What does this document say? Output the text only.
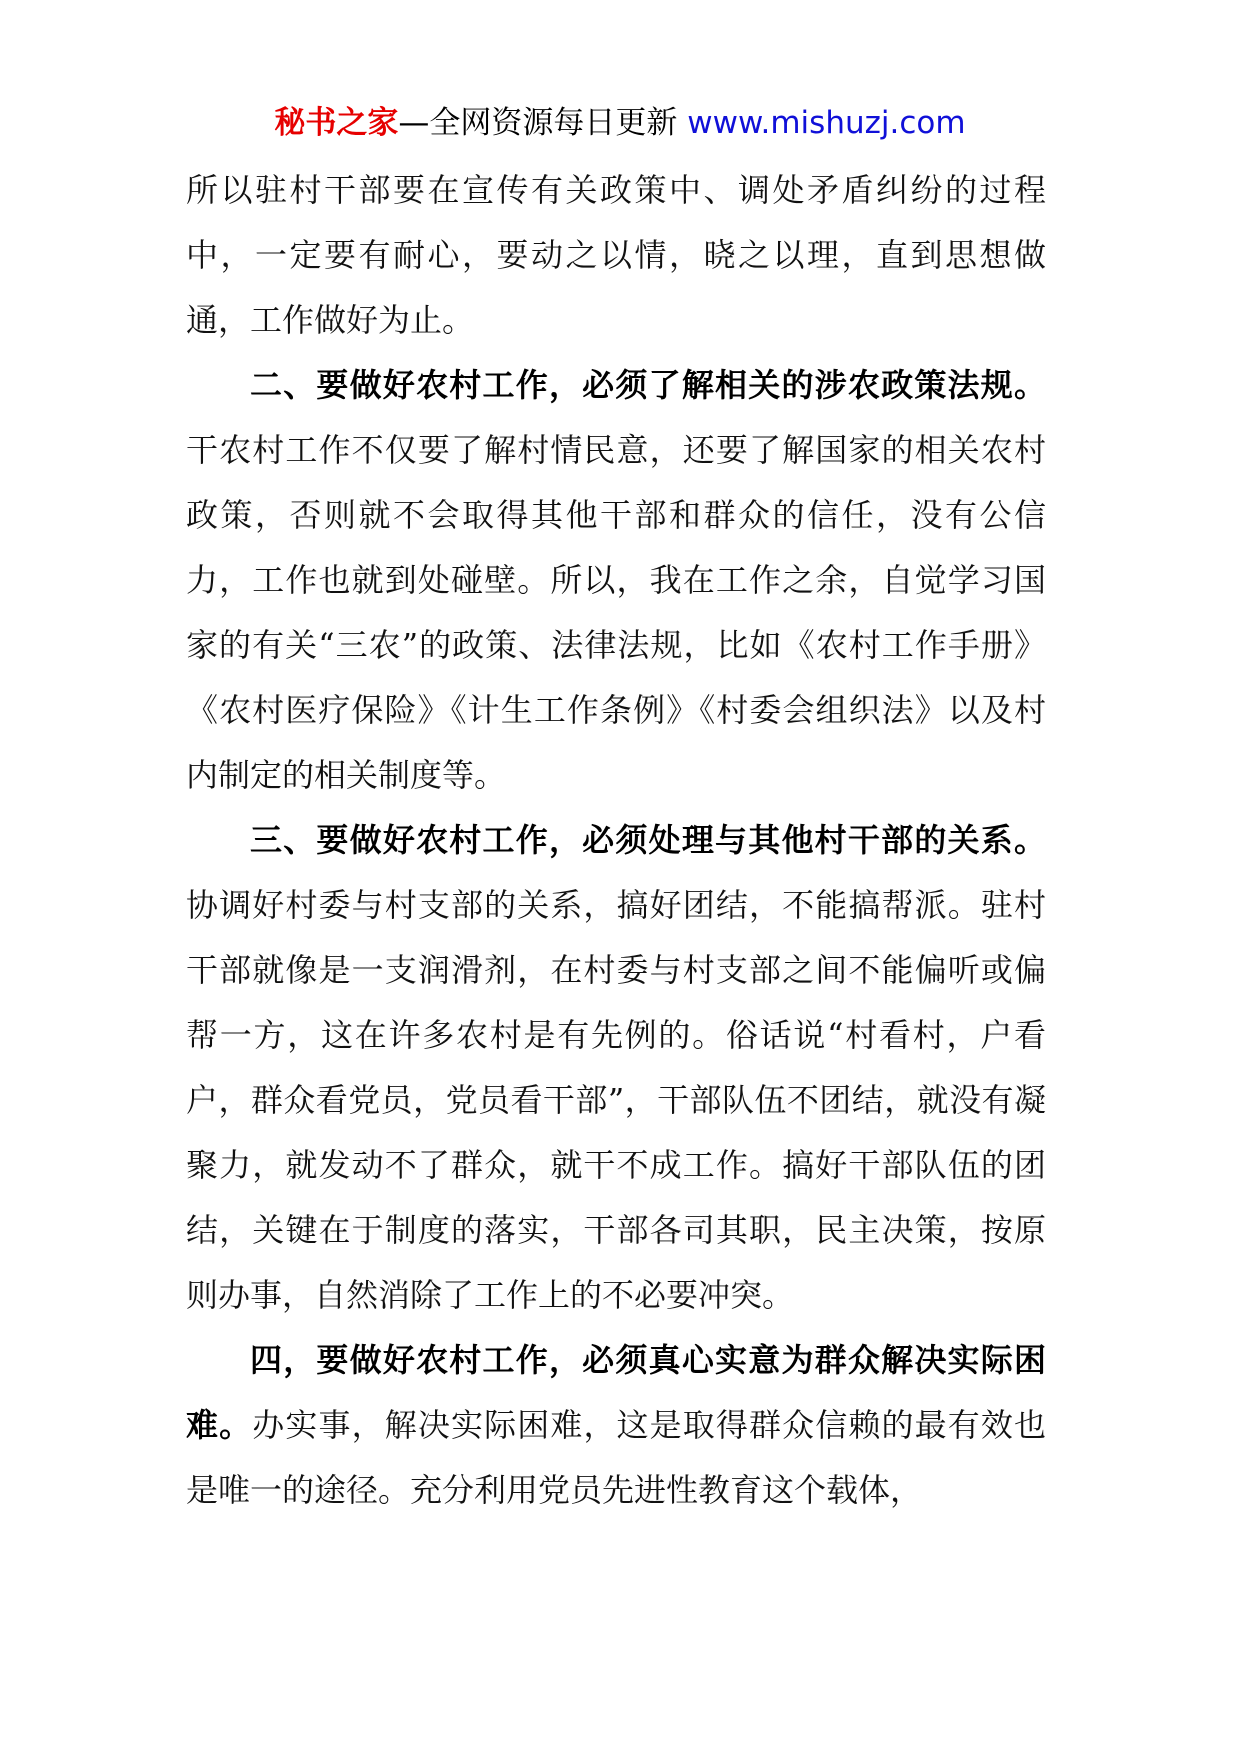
秘书之家—全网资源每日更新 www.mishuzj.com

所以驻村干部要在宣传有关政策中、调处矛盾纠纷的过程中，一定要有耐心，要动之以情，晓之以理，直到思想做通，工作做好为止。

二、要做好农村工作，必须了解相关的涉农政策法规。干农村工作不仅要了解村情民意，还要了解国家的相关农村政策，否则就不会取得其他干部和群众的信任，没有公信力，工作也就到处碰壁。所以，我在工作之余，自觉学习国家的有关“三农”的政策、法律法规，比如《农村工作手册》《农村医疗保险》《计生工作条例》《村委会组织法》以及村内制定的相关制度等。

三、要做好农村工作，必须处理与其他村干部的关系。协调好村委与村支部的关系，搞好团结，不能搞帮派。驻村干部就像是一支润滑剂，在村委与村支部之间不能偏听或偏帮一方，这在许多农村是有先例的。俗话说“村看村，户看户，群众看党员，党员看干部”，干部队伍不团结，就没有凝聚力，就发动不了群众，就干不成工作。搞好干部队伍的团结，关键在于制度的落实，干部各司其职，民主决策，按原则办事，自然消除了工作上的不必要冲突。

四，要做好农村工作，必须真心实意为群众解决实际困难。办实事，解决实际困难，这是取得群众信赖的最有效也是唯一的途径。充分利用党员先进性教育这个载体，
